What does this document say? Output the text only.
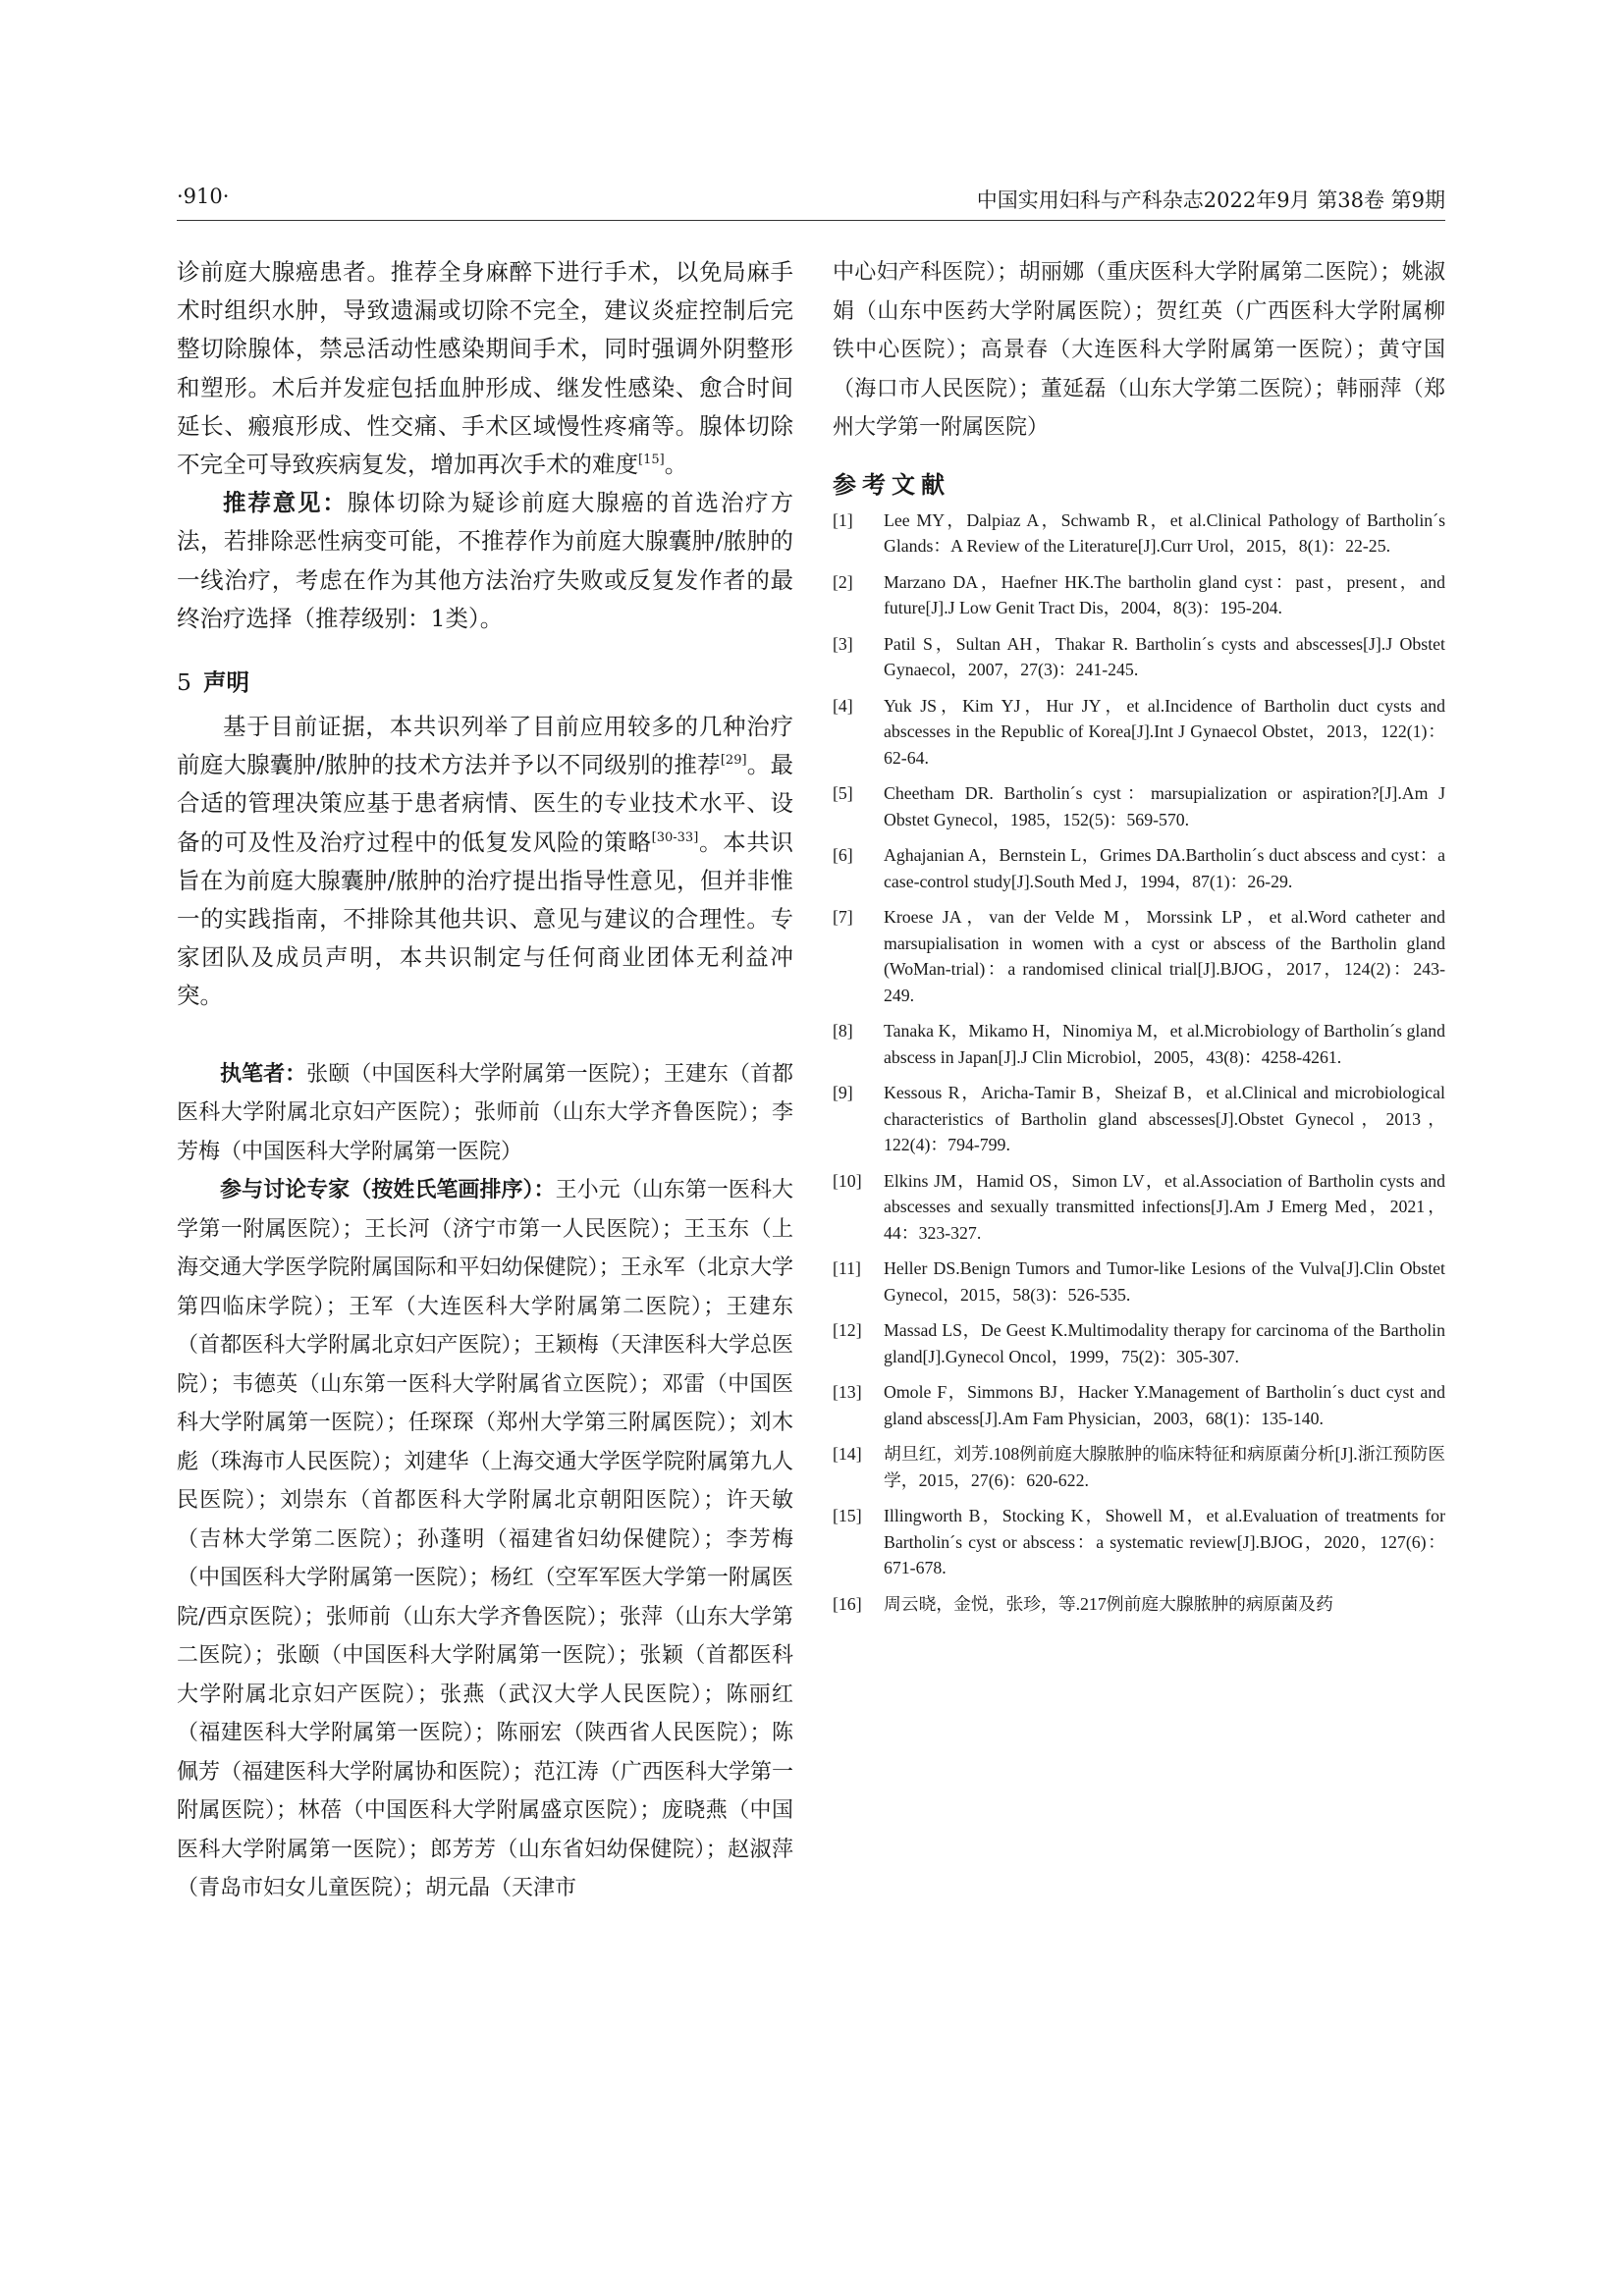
·910·	中国实用妇科与产科杂志2022年9月 第38卷 第9期

诊前庭大腺癌患者。推荐全身麻醉下进行手术，以免局麻手术时组织水肿，导致遗漏或切除不完全，建议炎症控制后完整切除腺体，禁忌活动性感染期间手术，同时强调外阴整形和塑形。术后并发症包括血肿形成、继发性感染、愈合时间延长、瘢痕形成、性交痛、手术区域慢性疼痛等。腺体切除不完全可导致疾病复发，增加再次手术的难度[15]。

推荐意见：腺体切除为疑诊前庭大腺癌的首选治疗方法，若排除恶性病变可能，不推荐作为前庭大腺囊肿/脓肿的一线治疗，考虑在作为其他方法治疗失败或反复发作者的最终治疗选择（推荐级别：1类）。

5 声明

基于目前证据，本共识列举了目前应用较多的几种治疗前庭大腺囊肿/脓肿的技术方法并予以不同级别的推荐[29]。最合适的管理决策应基于患者病情、医生的专业技术水平、设备的可及性及治疗过程中的低复发风险的策略[30-33]。本共识旨在为前庭大腺囊肿/脓肿的治疗提出指导性意见，但并非惟一的实践指南，不排除其他共识、意见与建议的合理性。专家团队及成员声明，本共识制定与任何商业团体无利益冲突。

执笔者：张颐（中国医科大学附属第一医院）；王建东（首都医科大学附属北京妇产医院）；张师前（山东大学齐鲁医院）；李芳梅（中国医科大学附属第一医院）

参与讨论专家（按姓氏笔画排序）：王小元（山东第一医科大学第一附属医院）；王长河（济宁市第一人民医院）；王玉东（上海交通大学医学院附属国际和平妇幼保健院）；王永军（北京大学第四临床学院）；王军（大连医科大学附属第二医院）；王建东（首都医科大学附属北京妇产医院）；王颖梅（天津医科大学总医院）；韦德英（山东第一医科大学附属省立医院）；邓雷（中国医科大学附属第一医院）；任琛琛（郑州大学第三附属医院）；刘木彪（珠海市人民医院）；刘建华（上海交通大学医学院附属第九人民医院）；刘崇东（首都医科大学附属北京朝阳医院）；许天敏（吉林大学第二医院）；孙蓬明（福建省妇幼保健院）；李芳梅（中国医科大学附属第一医院）；杨红（空军军医大学第一附属医院/西京医院）；张师前（山东大学齐鲁医院）；张萍（山东大学第二医院）；张颐（中国医科大学附属第一医院）；张颖（首都医科大学附属北京妇产医院）；张燕（武汉大学人民医院）；陈丽红（福建医科大学附属第一医院）；陈丽宏（陕西省人民医院）；陈佩芳（福建医科大学附属协和医院）；范江涛（广西医科大学第一附属医院）；林蓓（中国医科大学附属盛京医院）；庞晓燕（中国医科大学附属第一医院）；郎芳芳（山东省妇幼保健院）；赵淑萍（青岛市妇女儿童医院）；胡元晶（天津市

中心妇产科医院）；胡丽娜（重庆医科大学附属第二医院）；姚淑娟（山东中医药大学附属医院）；贺红英（广西医科大学附属柳铁中心医院）；高景春（大连医科大学附属第一医院）；黄守国（海口市人民医院）；董延磊（山东大学第二医院）；韩丽萍（郑州大学第一附属医院）

参考文献
[1]	Lee MY，Dalpiaz A，Schwamb R，et al.Clinical Pathology of Bartholin´s Glands：A Review of the Literature[J].Curr Urol，2015，8(1)：22-25.
[2]	Marzano DA，Haefner HK.The bartholin gland cyst：past，present，and future[J].J Low Genit Tract Dis，2004，8(3)：195-204.
[3]	Patil S，Sultan AH，Thakar R. Bartholin´s cysts and abscesses[J].J Obstet Gynaecol，2007，27(3)：241-245.
[4]	Yuk JS，Kim YJ，Hur JY，et al.Incidence of Bartholin duct cysts and abscesses in the Republic of Korea[J].Int J Gynaecol Obstet，2013，122(1)：62-64.
[5]	Cheetham DR. Bartholin´s cyst：marsupialization or aspiration?[J].Am J Obstet Gynecol，1985，152(5)：569-570.
[6]	Aghajanian A，Bernstein L，Grimes DA.Bartholin´s duct abscess and cyst：a case-control study[J].South Med J，1994，87(1)：26-29.
[7]	Kroese JA，van der Velde M，Morssink LP，et al.Word catheter and marsupialisation in women with a cyst or abscess of the Bartholin gland (WoMan-trial)：a randomised clinical trial[J].BJOG，2017，124(2)：243-249.
[8]	Tanaka K，Mikamo H，Ninomiya M，et al.Microbiology of Bartholin´s gland abscess in Japan[J].J Clin Microbiol，2005，43(8)：4258-4261.
[9]	Kessous R，Aricha-Tamir B，Sheizaf B，et al.Clinical and microbiological characteristics of Bartholin gland abscesses[J].Obstet Gynecol，2013，122(4)：794-799.
[10]	Elkins JM，Hamid OS，Simon LV，et al.Association of Bartholin cysts and abscesses and sexually transmitted infections[J].Am J Emerg Med，2021，44：323-327.
[11]	Heller DS.Benign Tumors and Tumor-like Lesions of the Vulva[J].Clin Obstet Gynecol，2015，58(3)：526-535.
[12]	Massad LS，De Geest K.Multimodality therapy for carcinoma of the Bartholin gland[J].Gynecol Oncol，1999，75(2)：305-307.
[13]	Omole F，Simmons BJ，Hacker Y.Management of Bartholin´s duct cyst and gland abscess[J].Am Fam Physician，2003，68(1)：135-140.
[14]	胡旦红，刘芳.108例前庭大腺脓肿的临床特征和病原菌分析[J].浙江预防医学，2015，27(6)：620-622.
[15]	Illingworth B，Stocking K，Showell M，et al.Evaluation of treatments for Bartholin´s cyst or abscess：a systematic review[J].BJOG，2020，127(6)：671-678.
[16]	周云晓，金悦，张珍，等.217例前庭大腺脓肿的病原菌及药
